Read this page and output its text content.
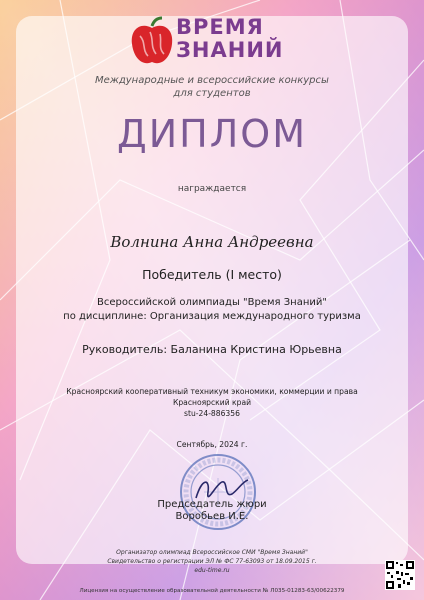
ВРЕМЯ
ЗНАНИЙ
Международные и всероссийские конкурсы
для студентов
ДИПЛОМ
награждается
Волнина Анна Андреевна
Победитель (I место)
Всероссийской олимпиады "Время Знаний"
по дисциплине: Организация международного туризма
Руководитель: Баланина Кристина Юрьевна
Красноярский кооперативный техникум экономики, коммерции и права
Красноярский край
stu-24-886356
Сентябрь, 2024 г.
Председатель жюри
Воробьев И.Е.
Организатор олимпиад Всероссийское СМИ "Время Знаний"
Свидетельство о регистрации ЭЛ № ФС 77-63093 от 18.09.2015 г.
edu-time.ru
Лицензия на осуществление образовательной деятельности № Л035-01283-63/00622379
